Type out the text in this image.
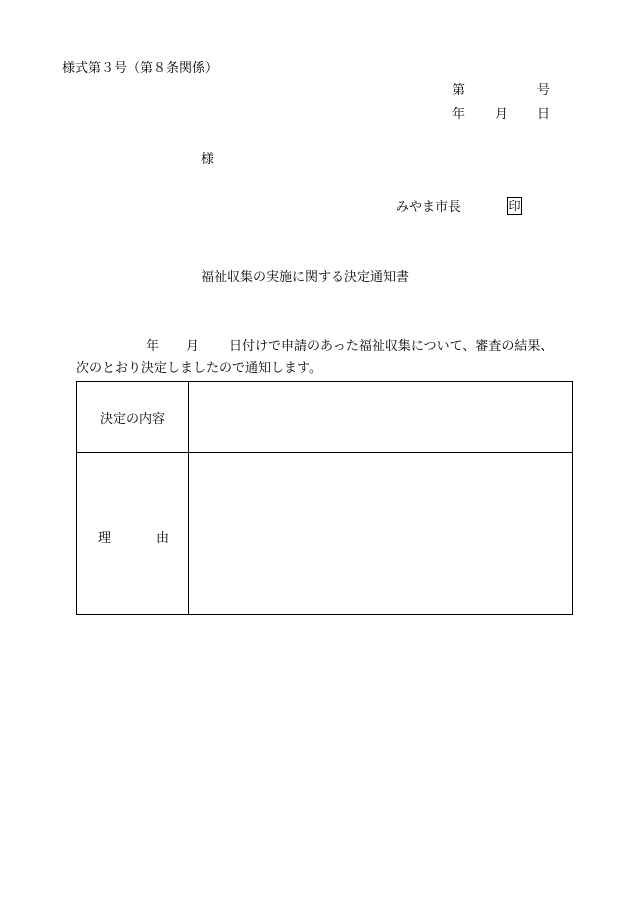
様式第３号（第８条関係）
第	号
年 月 日
様
みやま市長	印
福祉収集の実施に関する決定通知書
年 月 日付けで申請のあった福祉収集について、審査の結果、
次のとおり決定しましたので通知します。
決定の内容	

理 由	
